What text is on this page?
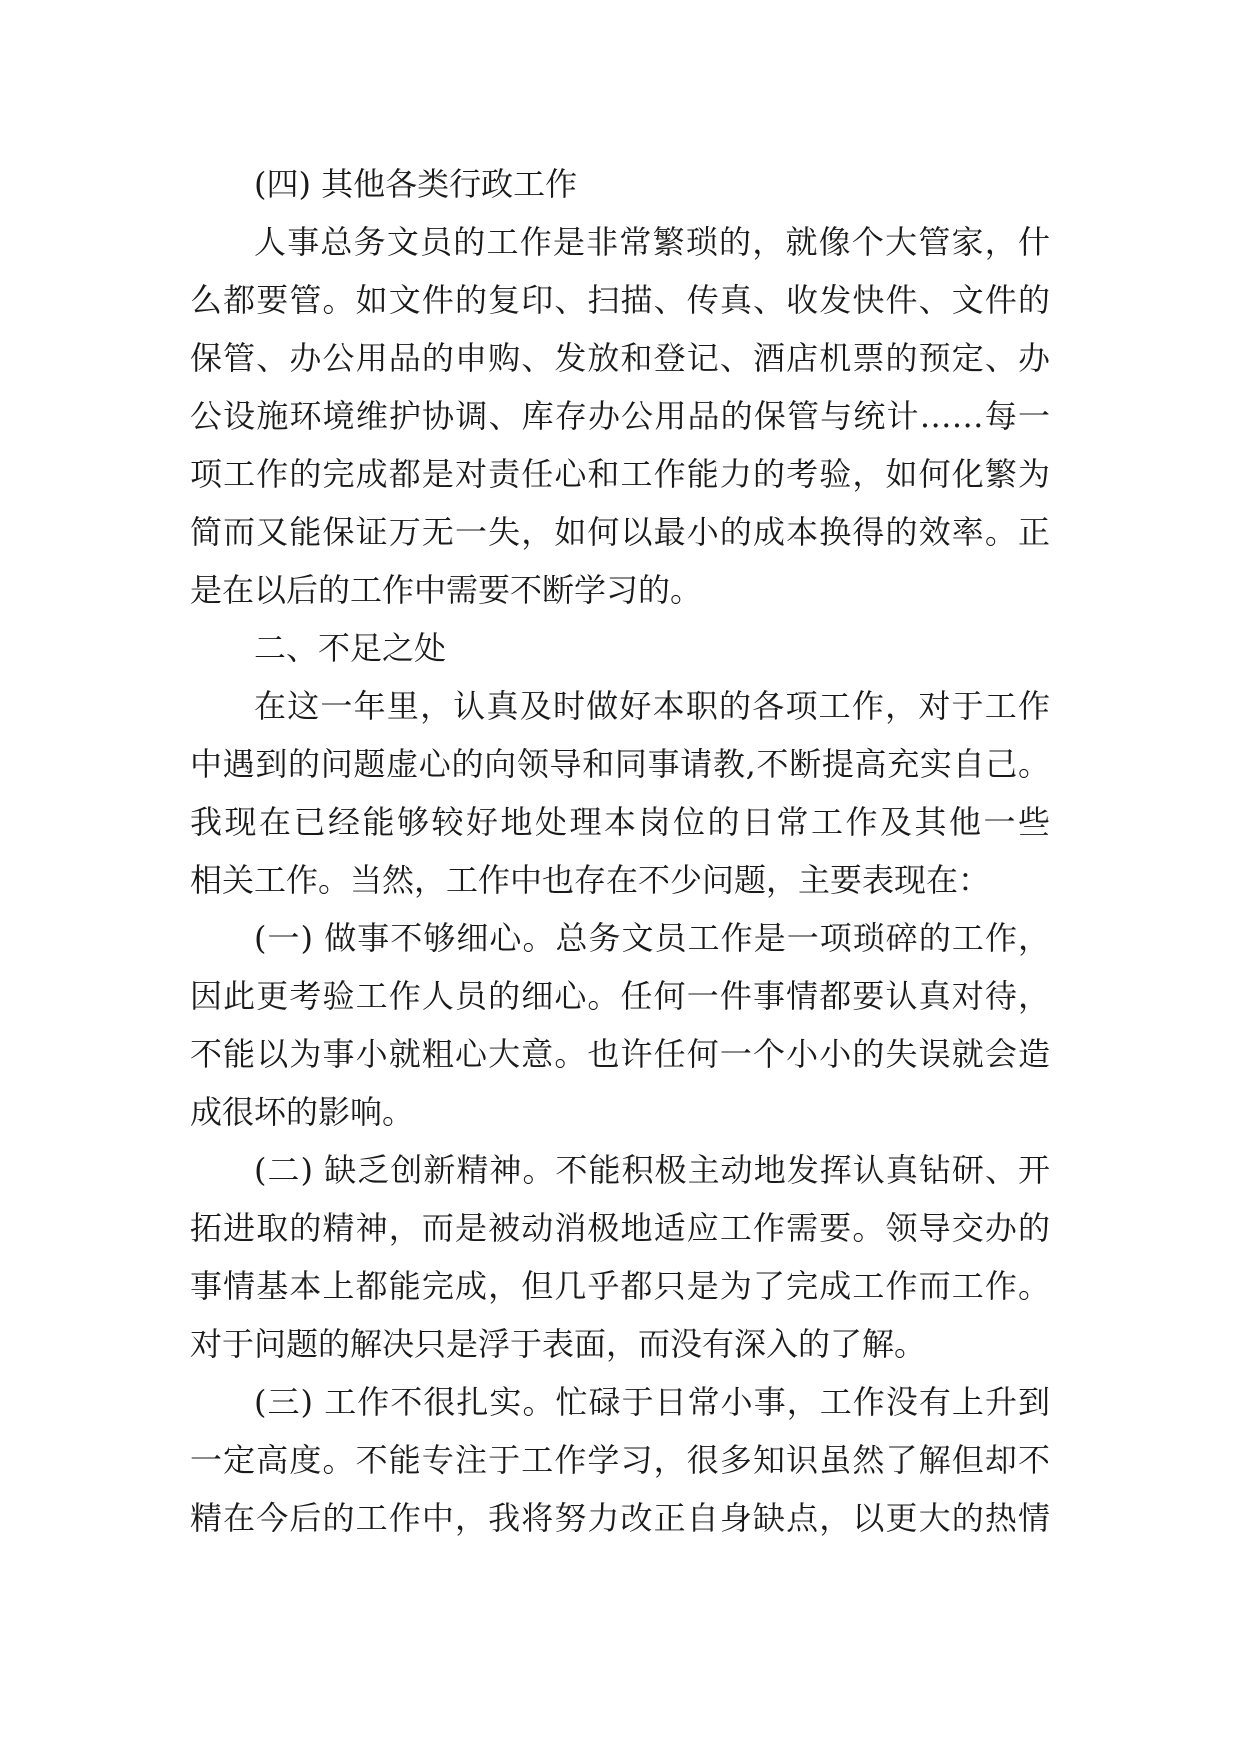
(四) 其他各类行政工作
人事总务文员的工作是非常繁琐的，就像个大管家，什
么都要管。如文件的复印、扫描、传真、收发快件、文件的
保管、办公用品的申购、发放和登记、酒店机票的预定、办
公设施环境维护协调、库存办公用品的保管与统计……每一
项工作的完成都是对责任心和工作能力的考验，如何化繁为
简而又能保证万无一失，如何以最小的成本换得的效率。正
是在以后的工作中需要不断学习的。
二、不足之处
在这一年里，认真及时做好本职的各项工作，对于工作
中遇到的问题虚心的向领导和同事请教,不断提高充实自己。
我现在已经能够较好地处理本岗位的日常工作及其他一些
相关工作。当然，工作中也存在不少问题，主要表现在：
(一) 做事不够细心。总务文员工作是一项琐碎的工作，
因此更考验工作人员的细心。任何一件事情都要认真对待，
不能以为事小就粗心大意。也许任何一个小小的失误就会造
成很坏的影响。
(二) 缺乏创新精神。不能积极主动地发挥认真钻研、开
拓进取的精神，而是被动消极地适应工作需要。领导交办的
事情基本上都能完成，但几乎都只是为了完成工作而工作。
对于问题的解决只是浮于表面，而没有深入的了解。
(三) 工作不很扎实。忙碌于日常小事，工作没有上升到
一定高度。不能专注于工作学习，很多知识虽然了解但却不
精在今后的工作中，我将努力改正自身缺点，以更大的热情
